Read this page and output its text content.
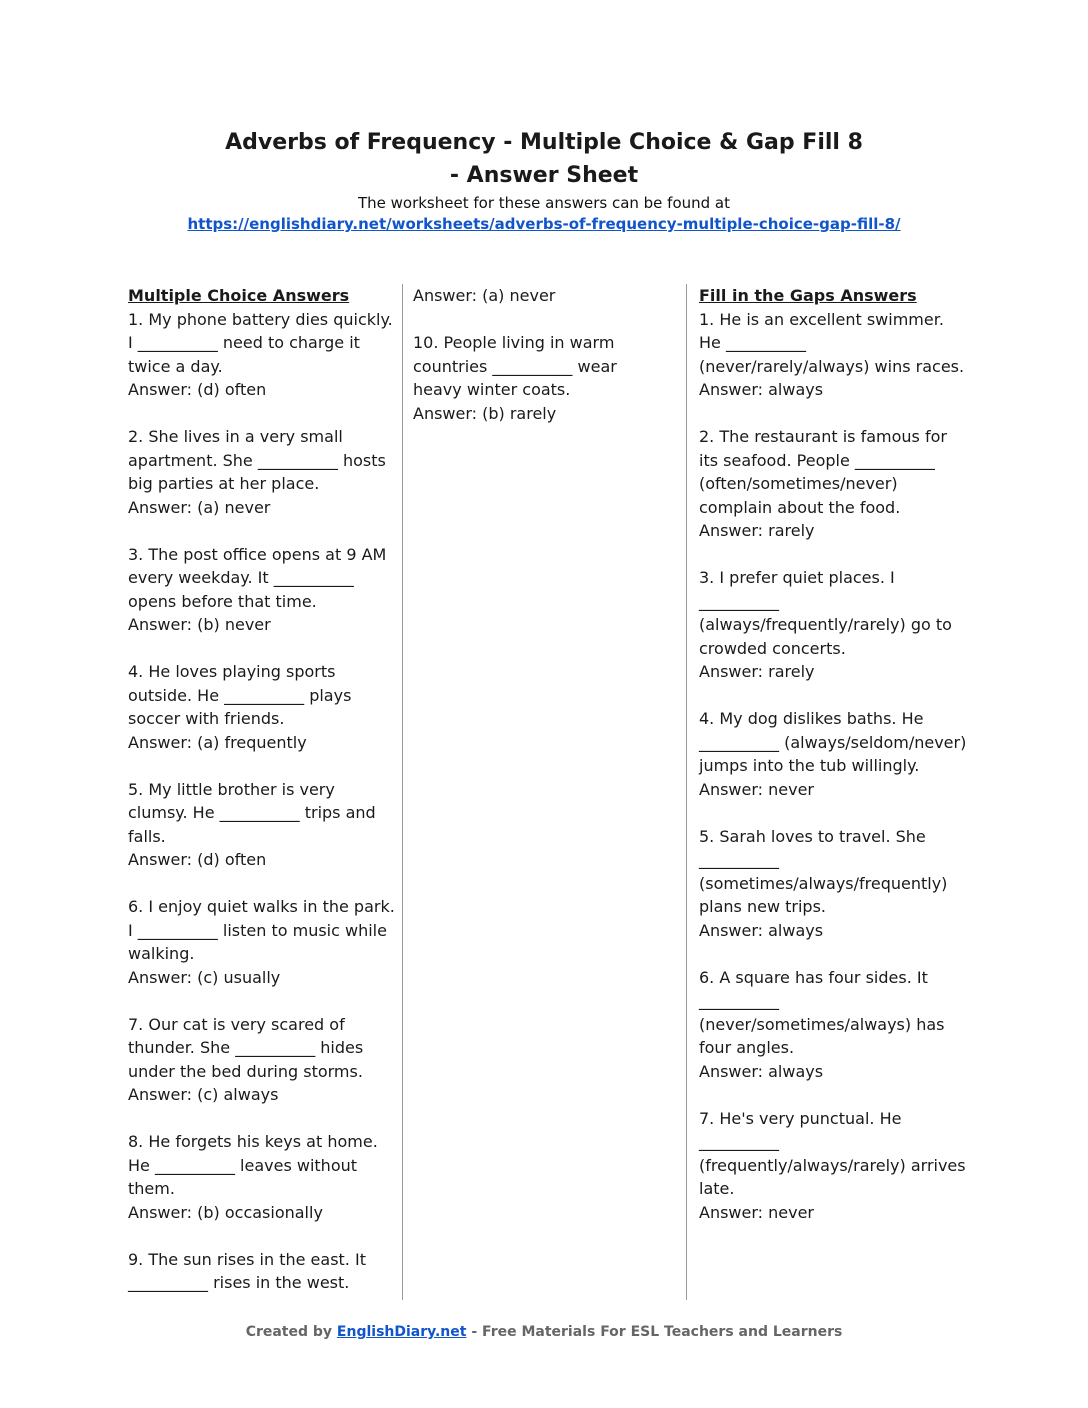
Adverbs of Frequency - Multiple Choice & Gap Fill 8
- Answer Sheet
The worksheet for these answers can be found at
https://englishdiary.net/worksheets/adverbs-of-frequency-multiple-choice-gap-fill-8/
Multiple Choice Answers
1. My phone battery dies quickly. I __________ need to charge it twice a day.
Answer: (d) often
2. She lives in a very small apartment. She __________ hosts big parties at her place.
Answer: (a) never
3. The post office opens at 9 AM every weekday. It __________ opens before that time.
Answer: (b) never
4. He loves playing sports outside. He __________ plays soccer with friends.
Answer: (a) frequently
5. My little brother is very clumsy. He __________ trips and falls.
Answer: (d) often
6. I enjoy quiet walks in the park. I __________ listen to music while walking.
Answer: (c) usually
7. Our cat is very scared of thunder. She __________ hides under the bed during storms.
Answer: (c) always
8. He forgets his keys at home. He __________ leaves without them.
Answer: (b) occasionally
9. The sun rises in the east. It __________ rises in the west.
Answer: (a) never
10. People living in warm countries __________ wear heavy winter coats.
Answer: (b) rarely
Fill in the Gaps Answers
1. He is an excellent swimmer. He __________ (never/rarely/always) wins races.
Answer: always
2. The restaurant is famous for its seafood. People __________ (often/sometimes/never) complain about the food.
Answer: rarely
3. I prefer quiet places. I __________ (always/frequently/rarely) go to crowded concerts.
Answer: rarely
4. My dog dislikes baths. He __________ (always/seldom/never) jumps into the tub willingly.
Answer: never
5. Sarah loves to travel. She __________ (sometimes/always/frequently) plans new trips.
Answer: always
6. A square has four sides. It __________ (never/sometimes/always) has four angles.
Answer: always
7. He's very punctual. He __________ (frequently/always/rarely) arrives late.
Answer: never
Created by EnglishDiary.net - Free Materials For ESL Teachers and Learners
